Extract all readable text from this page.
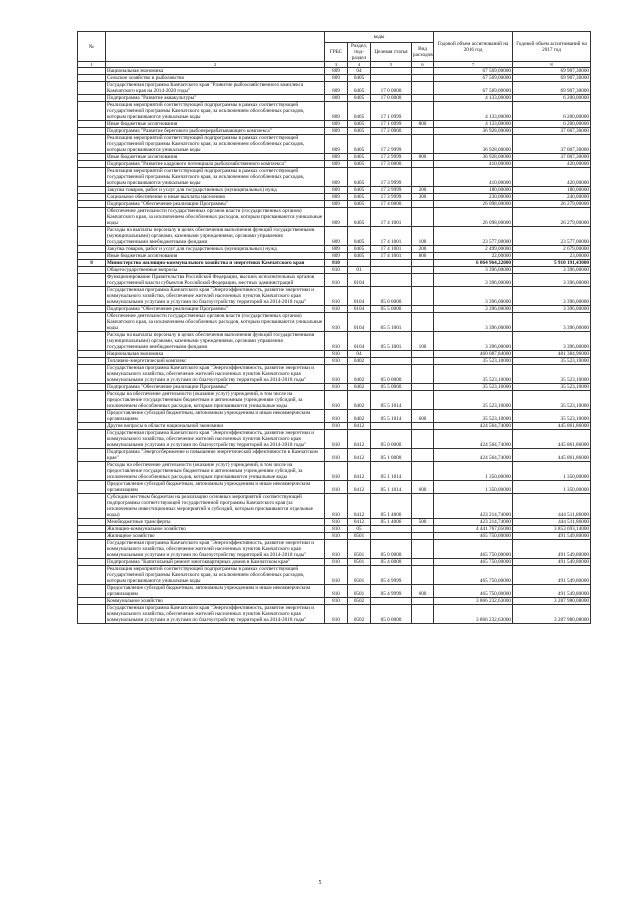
№		коды				Годовой объем ассигнований на 2016 год	Годовой объем ассигнований на 2017 год
		ГРБС	Раздел, под-раздел	Целевая статья	Вид расходов		
1	2	3	4	5	6	7	8
	Национальная экономика	809	04			67 569,00000	69 907,30000
	Сельское хозяйство и рыболовство	809	0405			67 569,00000	69 907,30000
	Государственная программа Камчатского края "Развитие рыбохозяйственного комплекса Камчатского края на 2014-2020 годы"	809	0405	17 0 0000		67 569,00000	69 907,30000
	Подпрограмма "Развитие аквакультуры"	809	0405	17 0 0000		4 133,00000	6 200,00000
	Реализация мероприятий соответствующей подпрограммы в рамках соответствующей государственной программы Камчатского края, за исключением обособленных расходов, которым присваиваются уникальные коды	809	0405	17 1 0999		4 133,00000	6 200,00000
	Иные бюджетные ассигнования	809	0405	17 1 0999	800	4 133,00000	6 200,00000
	Подпрограмма "Развитие берегового рыбоперерабатывающего комплекса"	809	0405	17 2 0000		36 928,00000	37 007,30000
	Реализация мероприятий соответствующей подпрограммы в рамках соответствующей государственной программы Камчатского края, за исключением обособленных расходов, которым присваиваются уникальные коды	809	0405	17 2 9999		36 928,00000	37 007,30000
	Иные бюджетные ассигнования	809	0405	17 2 9999	800	36 928,00000	37 007,30000
	Подпрограмма "Развитие кадрового потенциала рыбохозяйственного комплекса"	809	0405	17 3 0000		410,00000	420,00000
	Реализация мероприятий соответствующей подпрограммы в рамках соответствующей государственной программы Камчатского края, за исключением обособленных расходов, которым присваиваются уникальные коды	809	0405	17 3 9999		410,00000	420,00000
	Закупка товаров, работ и услуг для государственных (муниципальных) нужд	809	0405	17 3 9999	200	180,00000	180,00000
	Социальное обеспечение и иные выплаты населению	809	0405	17 3 9999	300	230,00000	240,00000
	Подпрограмма "Обеспечение реализации Программы"	809	0405	17 4 0000		26 098,00000	26 279,00000
	Обеспечение деятельности государственных органов власти (государственных органов) Камчатского края, за исключением обособленных расходов, которым присваиваются уникальные коды	809	0405	17 4 1001		26 098,00000	26 279,00000
	Расходы на выплаты персоналу в целях обеспечения выполнения функций государственными (муниципальными) органами, казенными учреждениями, органами управления государственными внебюджетными фондами	809	0405	17 4 1001	100	23 577,00000	23 577,00000
	Закупка товаров, работ и услуг для государственных (муниципальных) нужд	809	0405	17 4 1001	200	2 499,00000	2 679,00000
	Иные бюджетные ассигнования	809	0405	17 4 1001	800	22,00000	23,00000
8	Министерство жилищно-коммунального хозяйства и энергетики Камчатского края	810				6 064 964,22000	5 910 191,43000
	Общегосударственные вопросы	810	01			3 396,00000	3 396,00000
	Функционирование Правительства Российской Федерации, высших исполнительных органов государственной власти субъектов Российской Федерации, местных администраций	810	0104			3 396,00000	3 396,00000
	Государственная программа Камчатского края "Энергоэффективность, развитие энергетики и коммунального хозяйства, обеспечение жителей населенных пунктов Камчатского края коммунальными услугами и услугами по благоустройству территорий на 2014-2018 годы"	810	0104	05 0 0000		3 396,00000	3 396,00000
	Подпрограмма "Обеспечение реализации Программы"	810	0104	05 5 0000		3 396,00000	3 396,00000
	Обеспечение деятельности государственных органов власти (государственных органов) Камчатского края, за исключением обособленных расходов, которым присваиваются уникальные коды	810	0104	05 5 1001		3 396,00000	3 396,00000
	Расходы на выплаты персоналу в целях обеспечения выполнения функций государственными (муниципальными) органами, казенными учреждениями, органами управления государственными внебюджетными фондами	810	0104	05 5 1001	100	3 396,00000	3 396,00000
	Национальная экономика	810	04			460 087,84000	481 384,96000
	Топливно-энергетический комплекс	810	0402			35 523,10000	35 523,10000
	Государственная программа Камчатского края "Энергоэффективность, развитие энергетики и коммунального хозяйства, обеспечение жителей населенных пунктов Камчатского края коммунальными услугами и услугами по благоустройству территорий на 2014-2018 годы"	810	0402	05 0 0000		35 523,10000	35 523,10000
	Подпрограмма "Обеспечение реализации Программы"	810	0402	05 5 0000		35 523,10000	35 523,10000
	Расходы на обеспечение деятельности (оказание услуг) учреждений, в том числе на предоставление государственным бюджетным и автономным учреждениям субсидий, за исключением обособленных расходов, которым присваиваются уникальные коды	810	0402	05 5 1014		35 523,10000	35 523,10000
	Предоставление субсидий бюджетным, автономным учреждениям и иным некоммерческим организациям	810	0402	05 5 1014	600	35 523,10000	35 523,10000
	Другие вопросы в области национальной экономики	810	0412			424 564,74000	445 861,86000
	Государственная программа Камчатского края "Энергоэффективность, развитие энергетики и коммунального хозяйства, обеспечение жителей населенных пунктов Камчатского края коммунальными услугами и услугами по благоустройству территорий на 2014-2018 годы"	810	0412	05 0 0000		424 564,74000	445 861,86000
	Подпрограмма "Энергосбережение и повышение энергетической эффективности в Камчатском крае"	810	0412	05 1 0000		424 564,74000	445 861,86000
	Расходы на обеспечение деятельности (оказание услуг) учреждений, в том числе на предоставление государственным бюджетным и автономным учреждениям субсидий, за исключением обособленных расходов, которым присваиваются уникальные коды	810	0412	05 1 1014		1 350,00000	1 350,00000
	Предоставление субсидий бюджетным, автономным учреждениям и иным некоммерческим организациям	810	0412	05 1 1014	600	1 350,00000	1 350,00000
	Субсидии местным бюджетам на реализацию основных мероприятий соответствующей подпрограммы соответствующей государственной программы Камчатского края (за исключением инвестиционных мероприятий и субсидий, которым присваиваются отдельные коды)	810	0412	05 1 4006		423 214,74000	444 511,86000
	Межбюджетные трансферты	810	0412	05 1 4006	500	423 214,74000	444 511,86000
	Жилищно-коммунальное хозяйство	810	05			4 441 767,05000	3 853 693,14000
	Жилищное хозяйство	810	0501			465 750,00000	491 549,80000
	Государственная программа Камчатского края "Энергоэффективность, развитие энергетики и коммунального хозяйства, обеспечение жителей населенных пунктов Камчатского края коммунальными услугами и услугами по благоустройству территорий на 2014-2018 годы"	810	0501	05 0 0000		465 750,00000	491 549,80000
	Подпрограмма "Капитальный ремонт многоквартирных домов в Камчатском крае"	810	0501	05 4 0000		465 750,00000	491 549,80000
	Реализация мероприятий соответствующей подпрограммы в рамках соответствующей государственной программы Камчатского края, за исключением обособленных расходов, которым присваиваются уникальные коды	810	0501	05 4 9999		465 750,00000	491 549,80000
	Предоставление субсидий бюджетным, автономным учреждениям и иным некоммерческим организациям	810	0501	05 4 9999	600	465 750,00000	491 549,80000
	Коммунальное хозяйство	810	0502			3 866 232,63000	3 287 980,08000
	Государственная программа Камчатского края "Энергоэффективность, развитие энергетики и коммунального хозяйства, обеспечение жителей населенных пунктов Камчатского края коммунальными услугами и услугами по благоустройству территорий на 2014-2018 годы"	810	0502	05 0 0000		3 866 232,63000	3 287 980,08000
5
